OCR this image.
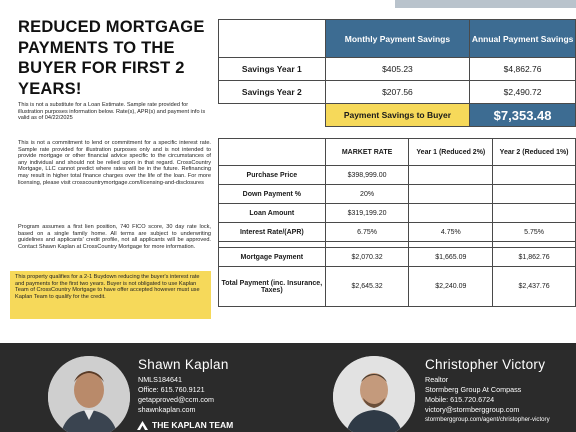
REDUCED MORTGAGE PAYMENTS TO THE BUYER FOR FIRST 2 YEARS!
This is not a substitute for a Loan Estimate. Sample rate provided for illustration purposes information below. Rate(s), APR(s) and payment info is valid as of 04/22/2025
This is not a commitment to lend or commitment for a specific interest rate. Sample rate provided for illustration purposes only and is not intended to provide mortgage or other financial advice specific to the circumstances of any individual and should not be relied upon in that regard. CrossCountry Mortgage, LLC cannot predict where rates will be in the future. Refinancing may result in higher total finance charges over the life of the loan. For more licensing, please visit crosscountrymortgage.com/licensing-and-disclosures
Program assumes a first lien position, 740 FICO score, 30 day rate lock, based on a single family home. All terms are subject to underwriting guidelines and applicants' credit profile, not all applicants will be approved. Contact Shawn Kaplan at CrossCountry Mortgage for more information.
This property qualifies for a 2-1 Buydown reducing the buyer's interest rate and payments for the first two years. Buyer is not obligated to use Kaplan Team of CrossCountry Mortgage to have offer accepted however must use Kaplan Team to qualify for the credit.
	Monthly Payment Savings	Annual Payment Savings
Savings Year 1	$405.23	$4,862.76
Savings Year 2	$207.56	$2,490.72
	Payment Savings to Buyer	$7,353.48
	MARKET RATE	Year 1 (Reduced 2%)	Year 2 (Reduced 1%)
Purchase Price	$398,999.00		
Down Payment %	20%		
Loan Amount	$319,199.20		
Interest Rate/(APR)	6.75%	4.75%	5.75%

Mortgage Payment	$2,070.32	$1,665.09	$1,862.76
Total Payment (inc. Insurance, Taxes)	$2,645.32	$2,240.09	$2,437.76
Shawn Kaplan
NMLS184641
Office: 615.760.9121
getapproved@ccm.com
shawnkaplan.com
THE KAPLAN TEAM
Christopher Victory
Realtor
Stormberg Group At Compass
Mobile: 615.720.6724
victory@stormberggroup.com
stormberggroup.com/agent/christopher-victory
